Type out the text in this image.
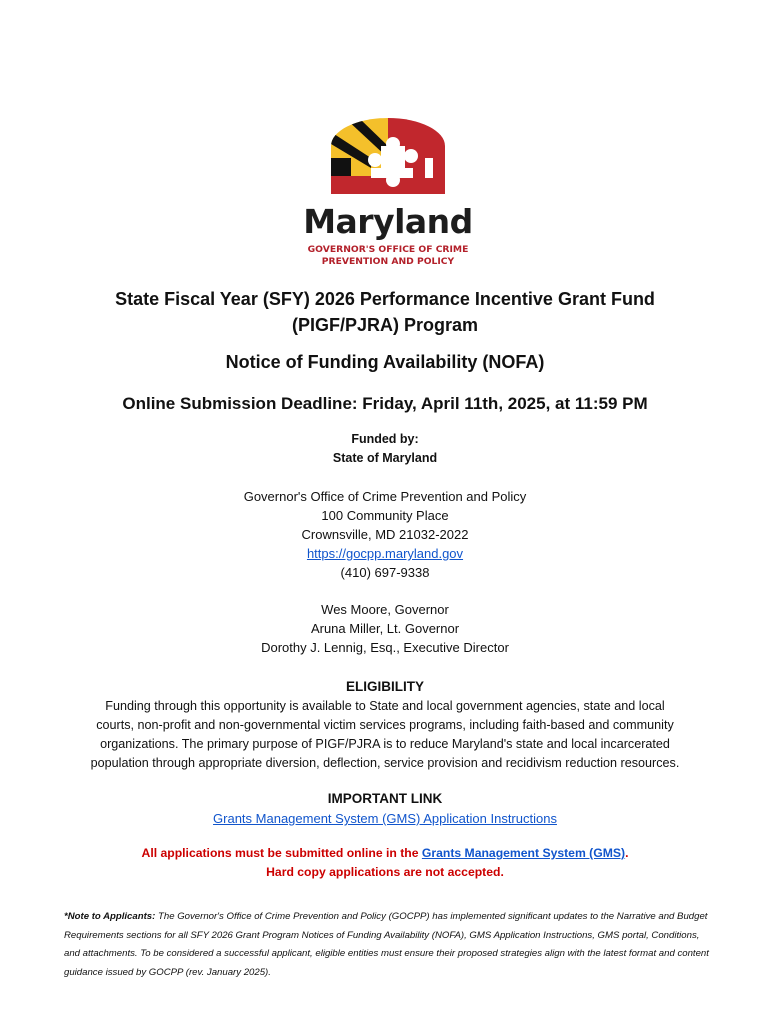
Maryland
GOVERNOR'S OFFICE OF CRIME
PREVENTION AND POLICY
State Fiscal Year (SFY) 2026 Performance Incentive Grant Fund
(PIGF/PJRA) Program
Notice of Funding Availability (NOFA)
Online Submission Deadline: Friday, April 11th, 2025, at 11:59 PM
Funded by:
State of Maryland
Governor's Office of Crime Prevention and Policy
100 Community Place
Crownsville, MD 21032-2022
https://gocpp.maryland.gov
(410) 697-9338
Wes Moore, Governor
Aruna Miller, Lt. Governor
Dorothy J. Lennig, Esq., Executive Director
ELIGIBILITY
Funding through this opportunity is available to State and local government agencies, state and local
courts, non-profit and non-governmental victim services programs, including faith-based and community
organizations. The primary purpose of PIGF/PJRA is to reduce Maryland's state and local incarcerated
population through appropriate diversion, deflection, service provision and recidivism reduction resources.
IMPORTANT LINK
Grants Management System (GMS) Application Instructions
All applications must be submitted online in the Grants Management System (GMS).
Hard copy applications are not accepted.
*Note to Applicants: The Governor's Office of Crime Prevention and Policy (GOCPP) has implemented significant updates to the Narrative and Budget Requirements sections for all SFY 2026 Grant Program Notices of Funding Availability (NOFA), GMS Application Instructions, GMS portal, Conditions, and attachments. To be considered a successful applicant, eligible entities must ensure their proposed strategies align with the latest format and content guidance issued by GOCPP (rev. January 2025).
